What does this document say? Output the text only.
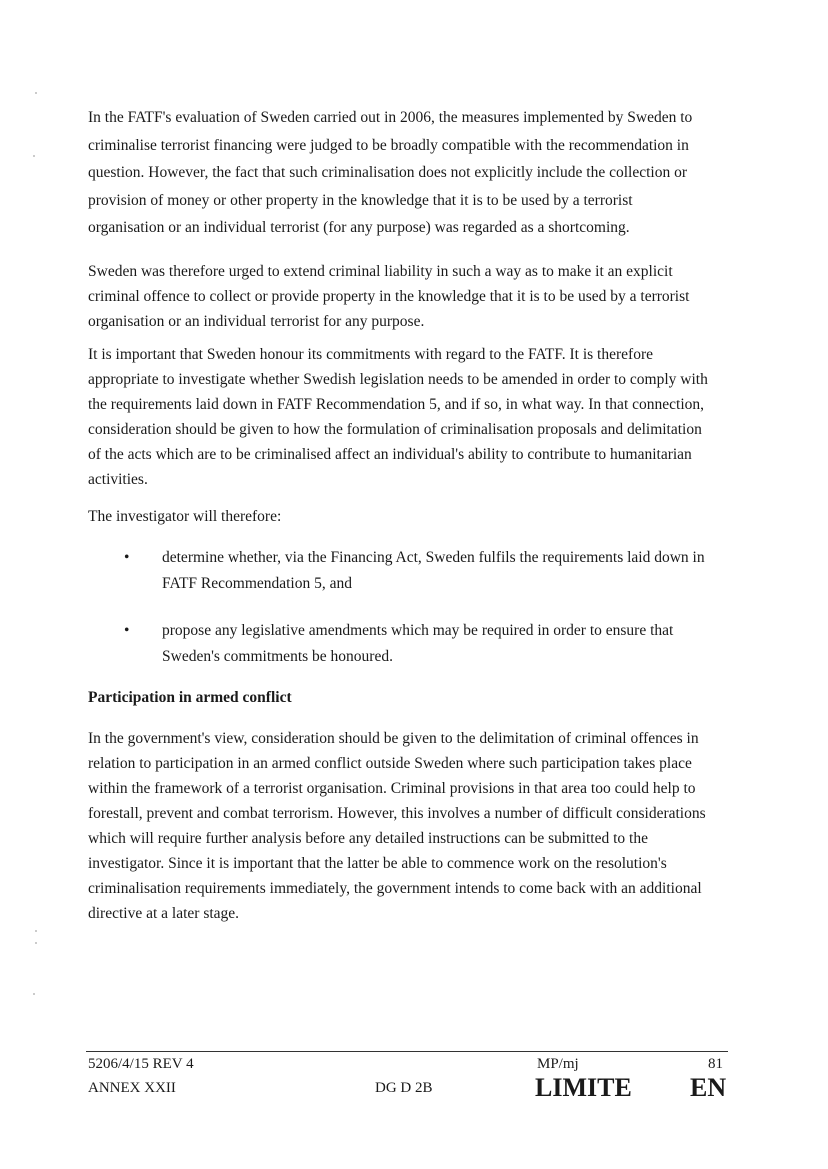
In the FATF's evaluation of Sweden carried out in 2006, the measures implemented by Sweden to
criminalise terrorist financing were judged to be broadly compatible with the recommendation in
question. However, the fact that such criminalisation does not explicitly include the collection or
provision of money or other property in the knowledge that it is to be used by a terrorist
organisation or an individual terrorist (for any purpose) was regarded as a shortcoming.
Sweden was therefore urged to extend criminal liability in such a way as to make it an explicit
criminal offence to collect or provide property in the knowledge that it is to be used by a terrorist
organisation or an individual terrorist for any purpose.
It is important that Sweden honour its commitments with regard to the FATF. It is therefore
appropriate to investigate whether Swedish legislation needs to be amended in order to comply with
the requirements laid down in FATF Recommendation 5, and if so, in what way. In that connection,
consideration should be given to how the formulation of criminalisation proposals and delimitation
of the acts which are to be criminalised affect an individual's ability to contribute to humanitarian
activities.
The investigator will therefore:
• determine whether, via the Financing Act, Sweden fulfils the requirements laid down in
FATF Recommendation 5, and
• propose any legislative amendments which may be required in order to ensure that
Sweden's commitments be honoured.
Participation in armed conflict
In the government's view, consideration should be given to the delimitation of criminal offences in
relation to participation in an armed conflict outside Sweden where such participation takes place
within the framework of a terrorist organisation. Criminal provisions in that area too could help to
forestall, prevent and combat terrorism. However, this involves a number of difficult considerations
which will require further analysis before any detailed instructions can be submitted to the
investigator. Since it is important that the latter be able to commence work on the resolution's
criminalisation requirements immediately, the government intends to come back with an additional
directive at a later stage.
5206/4/15 REV 4
ANNEX XXII	DG D 2B
MP/mj	81
LIMITE EN
